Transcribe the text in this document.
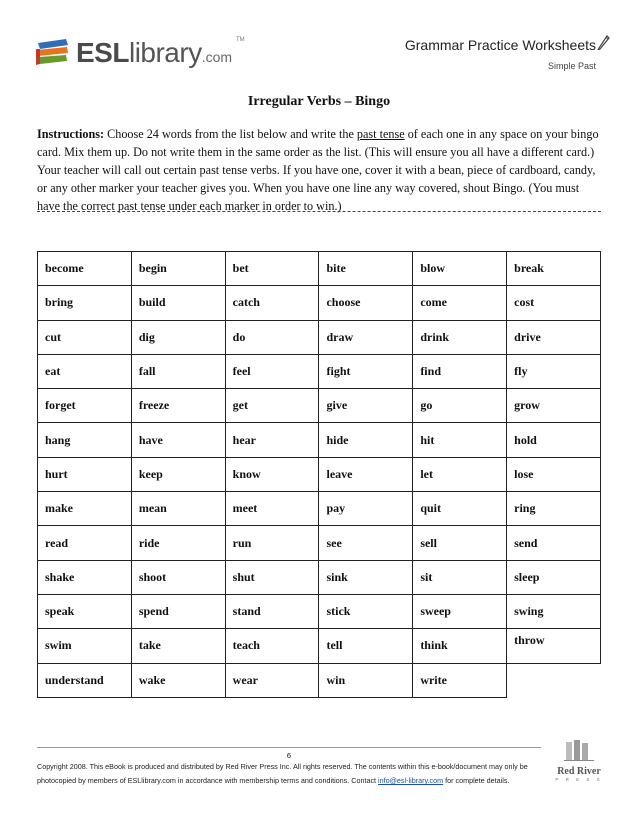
ESLlibrary.com
TM	Grammar Practice Worksheets
Simple Past
Irregular Verbs – Bingo
Instructions: Choose 24 words from the list below and write the past tense of each one in any space on your bingo card. Mix them up. Do not write them in the same order as the list. (This will ensure you all have a different card.) Your teacher will call out certain past tense verbs. If you have one, cover it with a bean, piece of cardboard, candy, or any other marker your teacher gives you. When you have one line any way covered, shout Bingo. (You must have the correct past tense under each marker in order to win.)
become	begin	bet	bite	blow	break
bring	build	catch	choose	come	cost
cut	dig	do	draw	drink	drive
eat	fall	feel	fight	find	fly
forget	freeze	get	give	go	grow
hang	have	hear	hide	hit	hold
hurt	keep	know	leave	let	lose
make	mean	meet	pay	quit	ring
read	ride	run	see	sell	send
shake	shoot	shut	sink	sit	sleep
speak	spend	stand	stick	sweep	swing
swim	take	teach	tell	think	throw
understand	wake	wear	win	write	
6
Copyright 2008. This eBook is produced and distributed by Red River Press Inc. All rights reserved. The contents within this e-book/document may only be
photocopied by members of ESLlibrary.com in accordance with membership terms and conditions. Contact info@esl-library.com for complete details.
Red River
P R E S S
